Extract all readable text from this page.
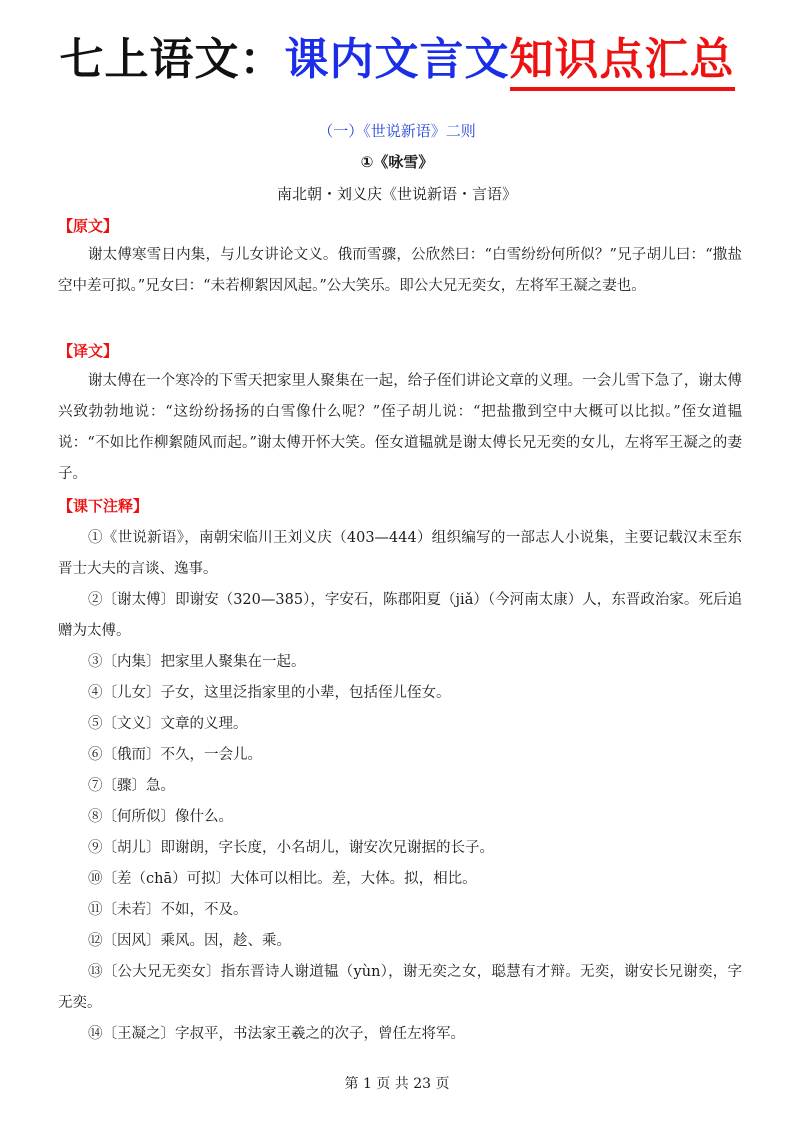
七上语文：课内文言文知识点汇总
（一）《世说新语》二则
①《咏雪》
南北朝・刘义庆《世说新语・言语》
【原文】
谢太傅寒雪日内集，与儿女讲论文义。俄而雪骤，公欣然曰：“白雪纷纷何所似？”兄子胡儿曰：“撒盐空中差可拟。”兄女曰：“未若柳絮因风起。”公大笑乐。即公大兄无奕女，左将军王凝之妻也。
【译文】
谢太傅在一个寒冷的下雪天把家里人聚集在一起，给子侄们讲论文章的义理。一会儿雪下急了，谢太傅兴致勃勃地说：“这纷纷扬扬的白雪像什么呢？”侄子胡儿说：“把盐撒到空中大概可以比拟。”侄女道韫说：“不如比作柳絮随风而起。”谢太傅开怀大笑。侄女道韫就是谢太傅长兄无奕的女儿，左将军王凝之的妻子。
【课下注释】
①《世说新语》，南朝宋临川王刘义庆（403—444）组织编写的一部志人小说集，主要记载汉末至东晋士大夫的言谈、逸事。
②〔谢太傅〕即谢安（320—385），字安石，陈郡阳夏（jiǎ）（今河南太康）人，东晋政治家。死后追赠为太傅。
③〔内集〕把家里人聚集在一起。
④〔儿女〕子女，这里泛指家里的小辈，包括侄儿侄女。
⑤〔文义〕文章的义理。
⑥〔俄而〕不久，一会儿。
⑦〔骤〕急。
⑧〔何所似〕像什么。
⑨〔胡儿〕即谢朗，字长度，小名胡儿，谢安次兄谢据的长子。
⑩〔差（chā）可拟〕大体可以相比。差，大体。拟，相比。
⑪〔未若〕不如，不及。
⑫〔因风〕乘风。因，趁、乘。
⑬〔公大兄无奕女〕指东晋诗人谢道韫（yùn），谢无奕之女，聪慧有才辩。无奕，谢安长兄谢奕，字无奕。
⑭〔王凝之〕字叔平，书法家王羲之的次子，曾任左将军。
第 1 页 共 23 页
